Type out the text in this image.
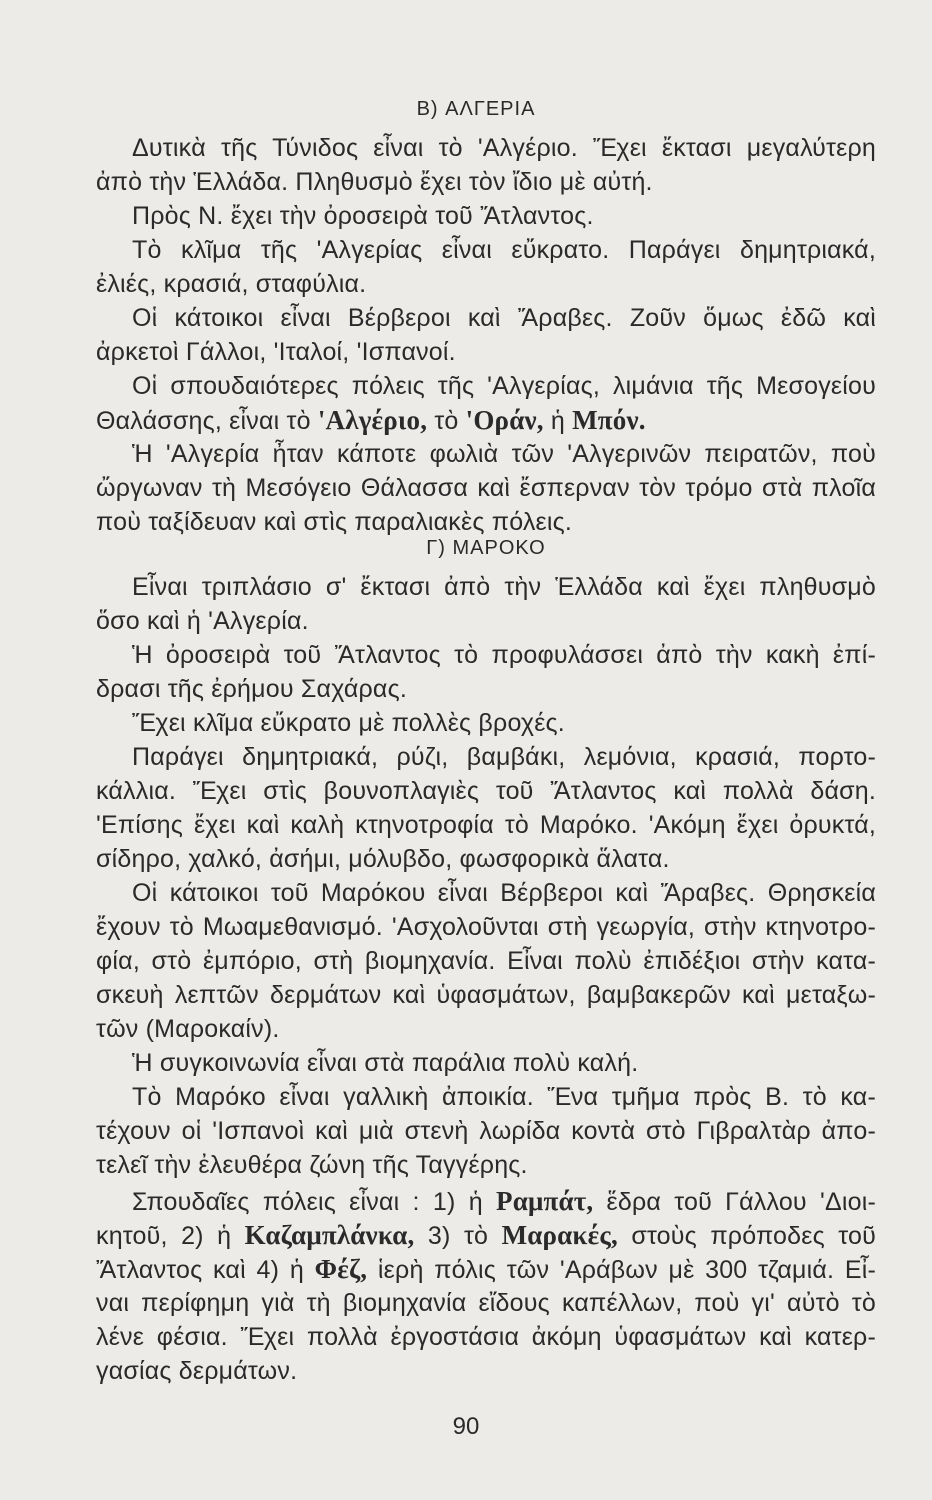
B) ΑΛΓΕΡΙΑ
Δυτικὰ τῆς Τύνιδος εἶναι τὸ 'Αλγέριο. Ἔχει ἔκτασι μεγαλύτερη
ἀπὸ τὴν Ἑλλάδα. Πληθυσμὸ ἔχει τὸν ἴδιο μὲ αὐτή.
Πρὸς Ν. ἔχει τὴν ὀροσειρὰ τοῦ Ἄτλαντος.
Τὸ κλῖμα τῆς 'Αλγερίας εἶναι εὔκρατο. Παράγει δημητριακά,
ἐλιές, κρασιά, σταφύλια.
Οἱ κάτοικοι εἶναι Βέρβεροι καὶ Ἄραβες. Ζοῦν ὅμως ἐδῶ καὶ
ἀρκετοὶ Γάλλοι, 'Ιταλοί, 'Ισπανοί.
Οἱ σπουδαιότερες πόλεις τῆς 'Αλγερίας, λιμάνια τῆς Μεσογείου
Θαλάσσης, εἶναι τὸ 'Αλγέριο, τὸ 'Οράν, ἡ Μπόν.
Ἡ 'Αλγερία ἦταν κάποτε φωλιὰ τῶν 'Αλγερινῶν πειρατῶν, ποὺ
ὤργωναν τὴ Μεσόγειο Θάλασσα καὶ ἔσπερναν τὸν τρόμο στὰ πλοῖα
ποὺ ταξίδευαν καὶ στὶς παραλιακὲς πόλεις.
Γ) ΜΑΡΟΚΟ
Εἶναι τριπλάσιο σ' ἔκτασι ἀπὸ τὴν Ἑλλάδα καὶ ἔχει πληθυσμὸ
ὅσο καὶ ἡ 'Αλγερία.
Ἡ ὀροσειρὰ τοῦ Ἄτλαντος τὸ προφυλάσσει ἀπὸ τὴν κακὴ ἐπί-
δρασι τῆς ἐρήμου Σαχάρας.
Ἔχει κλῖμα εὔκρατο μὲ πολλὲς βροχές.
Παράγει δημητριακά, ρύζι, βαμβάκι, λεμόνια, κρασιά, πορτο-
κάλλια. Ἔχει στὶς βουνοπλαγιὲς τοῦ Ἄτλαντος καὶ πολλὰ δάση.
'Επίσης ἔχει καὶ καλὴ κτηνοτροφία τὸ Μαρόκο. 'Ακόμη ἔχει ὀρυκτά,
σίδηρο, χαλκό, ἀσήμι, μόλυβδο, φωσφορικὰ ἅλατα.
Οἱ κάτοικοι τοῦ Μαρόκου εἶναι Βέρβεροι καὶ Ἄραβες. Θρησκεία
ἔχουν τὸ Μωαμεθανισμό. 'Ασχολοῦνται στὴ γεωργία, στὴν κτηνοτρο-
φία, στὸ ἐμπόριο, στὴ βιομηχανία. Εἶναι πολὺ ἐπιδέξιοι στὴν κατα-
σκευὴ λεπτῶν δερμάτων καὶ ὑφασμάτων, βαμβακερῶν καὶ μεταξω-
τῶν (Μαροκαίν).
Ἡ συγκοινωνία εἶναι στὰ παράλια πολὺ καλή.
Τὸ Μαρόκο εἶναι γαλλικὴ ἀποικία. Ἕνα τμῆμα πρὸς Β. τὸ κα-
τέχουν οἱ 'Ισπανοὶ καὶ μιὰ στενὴ λωρίδα κοντὰ στὸ Γιβραλτὰρ ἀπο-
τελεῖ τὴν ἐλευθέρα ζώνη τῆς Ταγγέρης.
Σπουδαῖες πόλεις εἶναι : 1) ἡ Ραμπάτ, ἕδρα τοῦ Γάλλου 'Διοι-
κητοῦ, 2) ἡ Καζαμπλάνκα, 3) τὸ Μαρακές, στοὺς πρόποδες τοῦ
Ἄτλαντος καὶ 4) ἡ Φέζ, ἱερὴ πόλις τῶν 'Αράβων μὲ 300 τζαμιά. Εἶ-
ναι περίφημη γιὰ τὴ βιομηχανία εἴδους καπέλλων, ποὺ γι' αὐτὸ τὸ
λένε φέσια. Ἔχει πολλὰ ἐργοστάσια ἀκόμη ὑφασμάτων καὶ κατερ-
γασίας δερμάτων.
90
